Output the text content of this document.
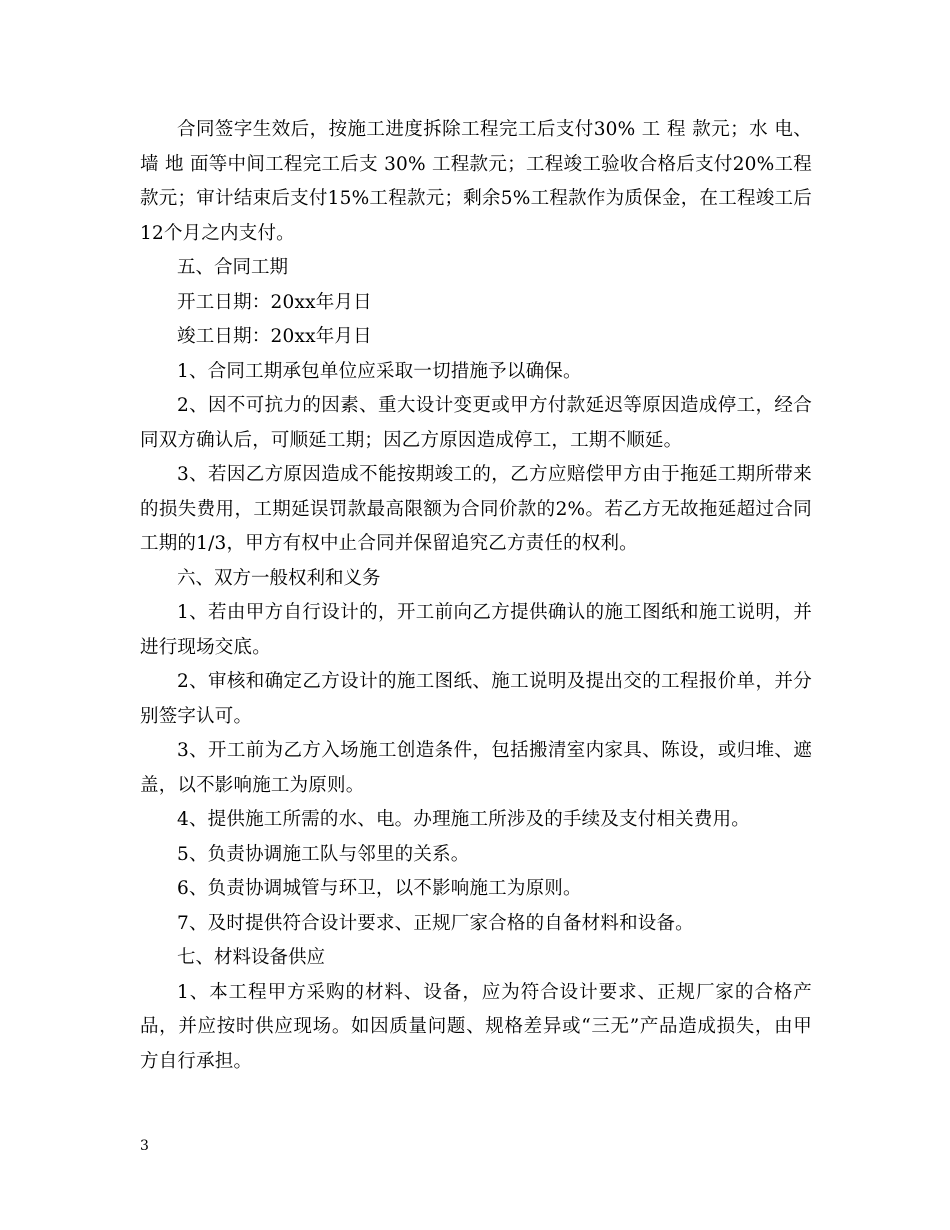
合同签字生效后，按施工进度拆除工程完工后支付30% 工 程 款元；水 电、墙 地 面等中间工程完工后支 30% 工程款元；工程竣工验收合格后支付20%工程款元；审计结束后支付15%工程款元；剩余5%工程款作为质保金，在工程竣工后12个月之内支付。

五、合同工期

开工日期：20xx年月日

竣工日期：20xx年月日

1、合同工期承包单位应采取一切措施予以确保。

2、因不可抗力的因素、重大设计变更或甲方付款延迟等原因造成停工，经合同双方确认后，可顺延工期；因乙方原因造成停工，工期不顺延。

3、若因乙方原因造成不能按期竣工的，乙方应赔偿甲方由于拖延工期所带来的损失费用，工期延误罚款最高限额为合同价款的2%。若乙方无故拖延超过合同工期的1/3，甲方有权中止合同并保留追究乙方责任的权利。

六、双方一般权利和义务

1、若由甲方自行设计的，开工前向乙方提供确认的施工图纸和施工说明，并进行现场交底。

2、审核和确定乙方设计的施工图纸、施工说明及提出交的工程报价单，并分别签字认可。

3、开工前为乙方入场施工创造条件，包括搬清室内家具、陈设，或归堆、遮盖，以不影响施工为原则。

4、提供施工所需的水、电。办理施工所涉及的手续及支付相关费用。

5、负责协调施工队与邻里的关系。

6、负责协调城管与环卫，以不影响施工为原则。

7、及时提供符合设计要求、正规厂家合格的自备材料和设备。

七、材料设备供应

1、本工程甲方采购的材料、设备，应为符合设计要求、正规厂家的合格产品，并应按时供应现场。如因质量问题、规格差异或“三无”产品造成损失，由甲方自行承担。

3
